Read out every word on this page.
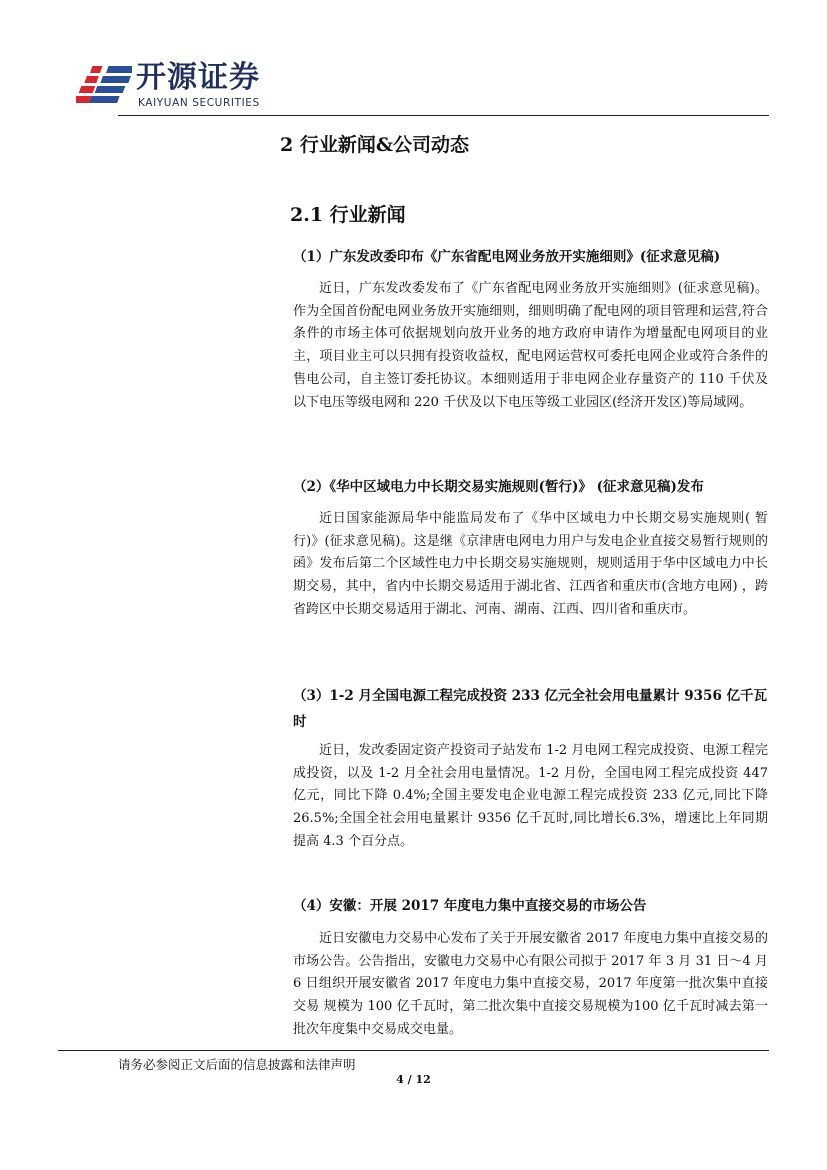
开源证券
KAIYUAN SECURITIES
2 行业新闻&公司动态
2.1 行业新闻
（1）广东发改委印布《广东省配电网业务放开实施细则》(征求意见稿)

近日，广东发改委发布了《广东省配电网业务放开实施细则》(征求意见稿)。作为全国首份配电网业务放开实施细则，细则明确了配电网的项目管理和运营,符合条件的市场主体可依据规划向放开业务的地方政府申请作为增量配电网项目的业主，项目业主可以只拥有投资收益权，配电网运营权可委托电网企业或符合条件的售电公司，自主签订委托协议。本细则适用于非电网企业存量资产的 110 千伏及以下电压等级电网和 220 千伏及以下电压等级工业园区(经济开发区)等局域网。

（2）《华中区域电力中长期交易实施规则(暂行)》 (征求意见稿)发布

近日国家能源局华中能监局发布了《华中区域电力中长期交易实施规则( 暂行)》(征求意见稿)。这是继《京津唐电网电力用户与发电企业直接交易暂行规则的函》发布后第二个区域性电力中长期交易实施规则，规则适用于华中区域电力中长期交易，其中，省内中长期交易适用于湖北省、江西省和重庆市(含地方电网) ，跨省跨区中长期交易适用于湖北、河南、湖南、江西、四川省和重庆市。

（3）1-2 月全国电源工程完成投资 233 亿元全社会用电量累计 9356 亿千瓦时

近日，发改委固定资产投资司子站发布 1-2 月电网工程完成投资、电源工程完成投资，以及 1-2 月全社会用电量情况。1-2 月份，全国电网工程完成投资 447 亿元，同比下降 0.4%;全国主要发电企业电源工程完成投资 233 亿元,同比下降 26.5%;全国全社会用电量累计 9356 亿千瓦时,同比增长6.3%，增速比上年同期提高 4.3 个百分点。

（4）安徽：开展 2017 年度电力集中直接交易的市场公告

近日安徽电力交易中心发布了关于开展安徽省 2017 年度电力集中直接交易的市场公告。公告指出，安徽电力交易中心有限公司拟于 2017 年 3 月 31 日～4 月 6 日组织开展安徽省 2017 年度电力集中直接交易，2017 年度第一批次集中直接交易 规模为 100 亿千瓦时，第二批次集中直接交易规模为100 亿千瓦时减去第一批次年度集中交易成交电量。

请务必参阅正文后面的信息披露和法律声明
4 / 12
